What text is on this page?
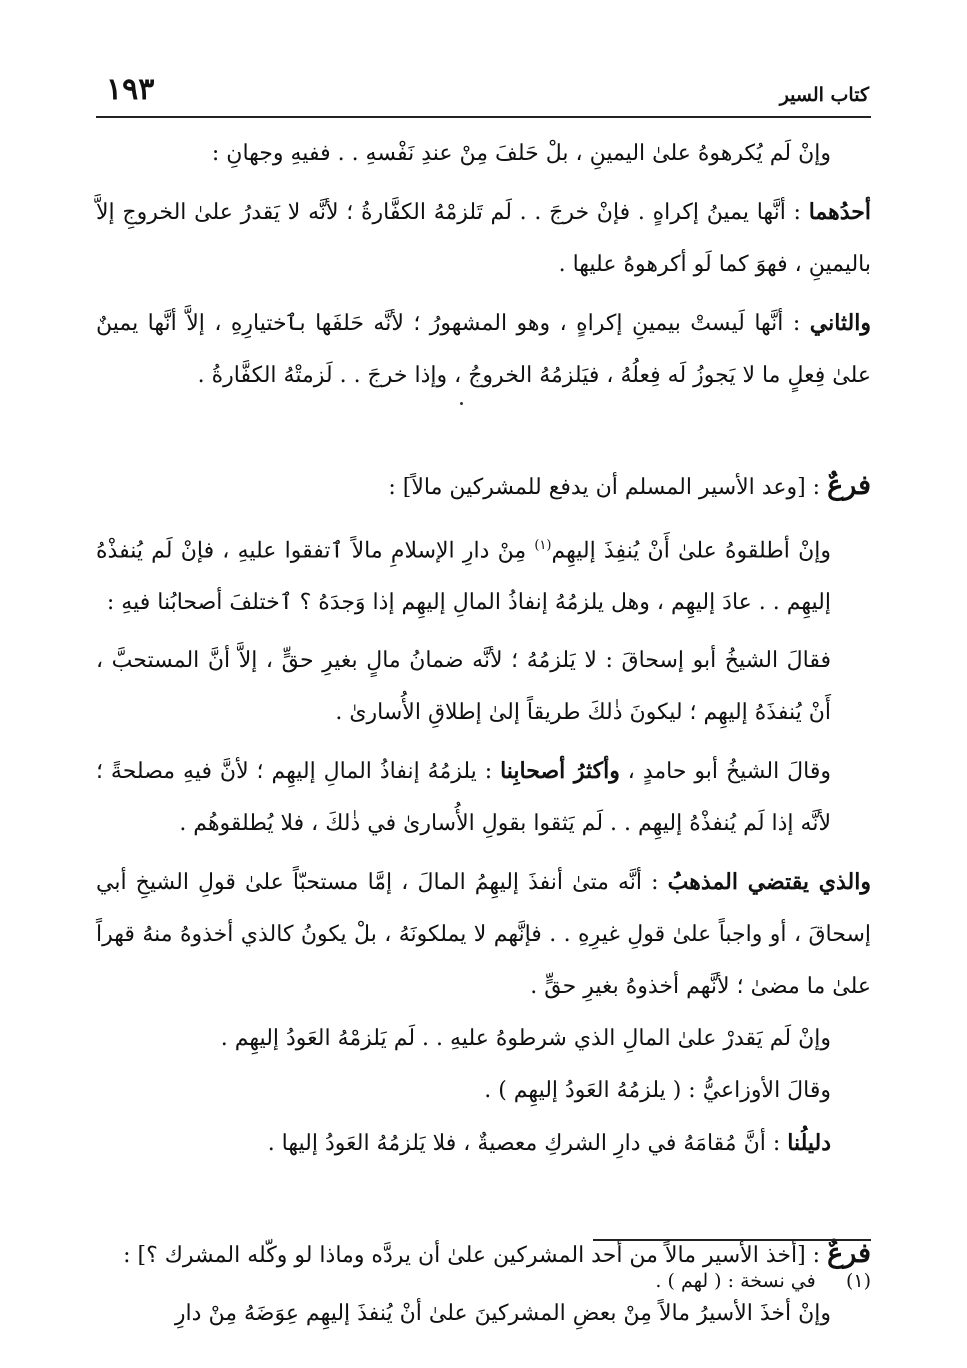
كتاب السير
١٩٣

وإنْ لَم يُكرهوهُ علىٰ اليمينِ ، بلْ حَلفَ مِنْ عندِ نَفْسهِ . . ففيهِ وجهانِ :

أحدُهما : أنَّها يمينُ إكراهٍ . فإنْ خرجَ . . لَم تَلزمْهُ الكفَّارةُ ؛ لأنَّه لا يَقدرُ علىٰ الخروجِ إلاَّ باليمينِ ، فهوَ كما لَو أكرهوهُ عليها .

والثاني : أنَّها لَيستْ بيمينِ إكراهٍ ، وهو المشهورُ ؛ لأنَّه حَلفَها بٱختيارِهِ ، إلاَّ أنَّها يمينٌ علىٰ فِعلٍ ما لا يَجوزُ لَه فِعلُهُ ، فيَلزمُهُ الخروجُ ، وإذا خرجَ . . لَزمتْهُ الكفَّارةُ .

فرعٌ : [وعد الأسير المسلم أن يدفع للمشركين مالاً] :

وإنْ أطلقوهُ علىٰ أَنْ يُنفِذَ إليهِم$^{(١)}$ مِنْ دارِ الإسلامِ مالاً ٱتفقوا عليهِ ، فإنْ لَم يُنفذْهُ إليهِم . . عادَ إليهِم ، وهل يلزمُهُ إنفاذُ المالِ إليهِم إذا وَجدَهُ ؟ ٱختلفَ أصحابُنا فيهِ :

فقالَ الشيخُ أبو إسحاقَ : لا يَلزمُهُ ؛ لأنَّه ضمانُ مالٍ بغيرِ حقٍّ ، إلاَّ أنَّ المستحبَّ ، أَنْ يُنفذَهُ إليهِم ؛ ليكونَ ذٰلكَ طريقاً إلىٰ إطلاقِ الأُسارىٰ .

وقالَ الشيخُ أبو حامدٍ ، وأكثرُ أصحابِنا : يلزمُهُ إنفاذُ المالِ إليهِم ؛ لأنَّ فيهِ مصلحةً ؛ لأنَّه إذا لَم يُنفذْهُ إليهِم . . لَم يَثقوا بقولِ الأُسارىٰ في ذٰلكَ ، فلا يُطلقوهُم .

والذي يقتضي المذهبُ : أنَّه متىٰ أنفذَ إليهِمُ المالَ ، إمَّا مستحبّاً علىٰ قولِ الشيخِ أبي إسحاقَ ، أو واجباً علىٰ قولِ غيرِهِ . . فإنَّهم لا يملكونَهُ ، بلْ يكونُ كالذي أخذوهُ منهُ قهراً علىٰ ما مضىٰ ؛ لأنَّهم أخذوهُ بغيرِ حقٍّ .

وإنْ لَم يَقدرْ علىٰ المالِ الذي شرطوهُ عليهِ . . لَم يَلزمْهُ العَودُ إليهِم .

وقالَ الأوزاعيُّ : ( يلزمُهُ العَودُ إليهِم ) .

دليلُنا : أنَّ مُقامَهُ في دارِ الشركِ معصيةٌ ، فلا يَلزمُهُ العَودُ إليها .

فرعٌ : [أخذ الأسير مالاً من أحد المشركين علىٰ أن يردَّه وماذا لو وكّله المشرك ؟] :

وإنْ أخذَ الأسيرُ مالاً مِنْ بعضِ المشركينَ علىٰ أنْ يُنفذَ إليهِم عِوَضَهُ مِنْ دارِ

(١)     في نسخة : ( لهم ) .
